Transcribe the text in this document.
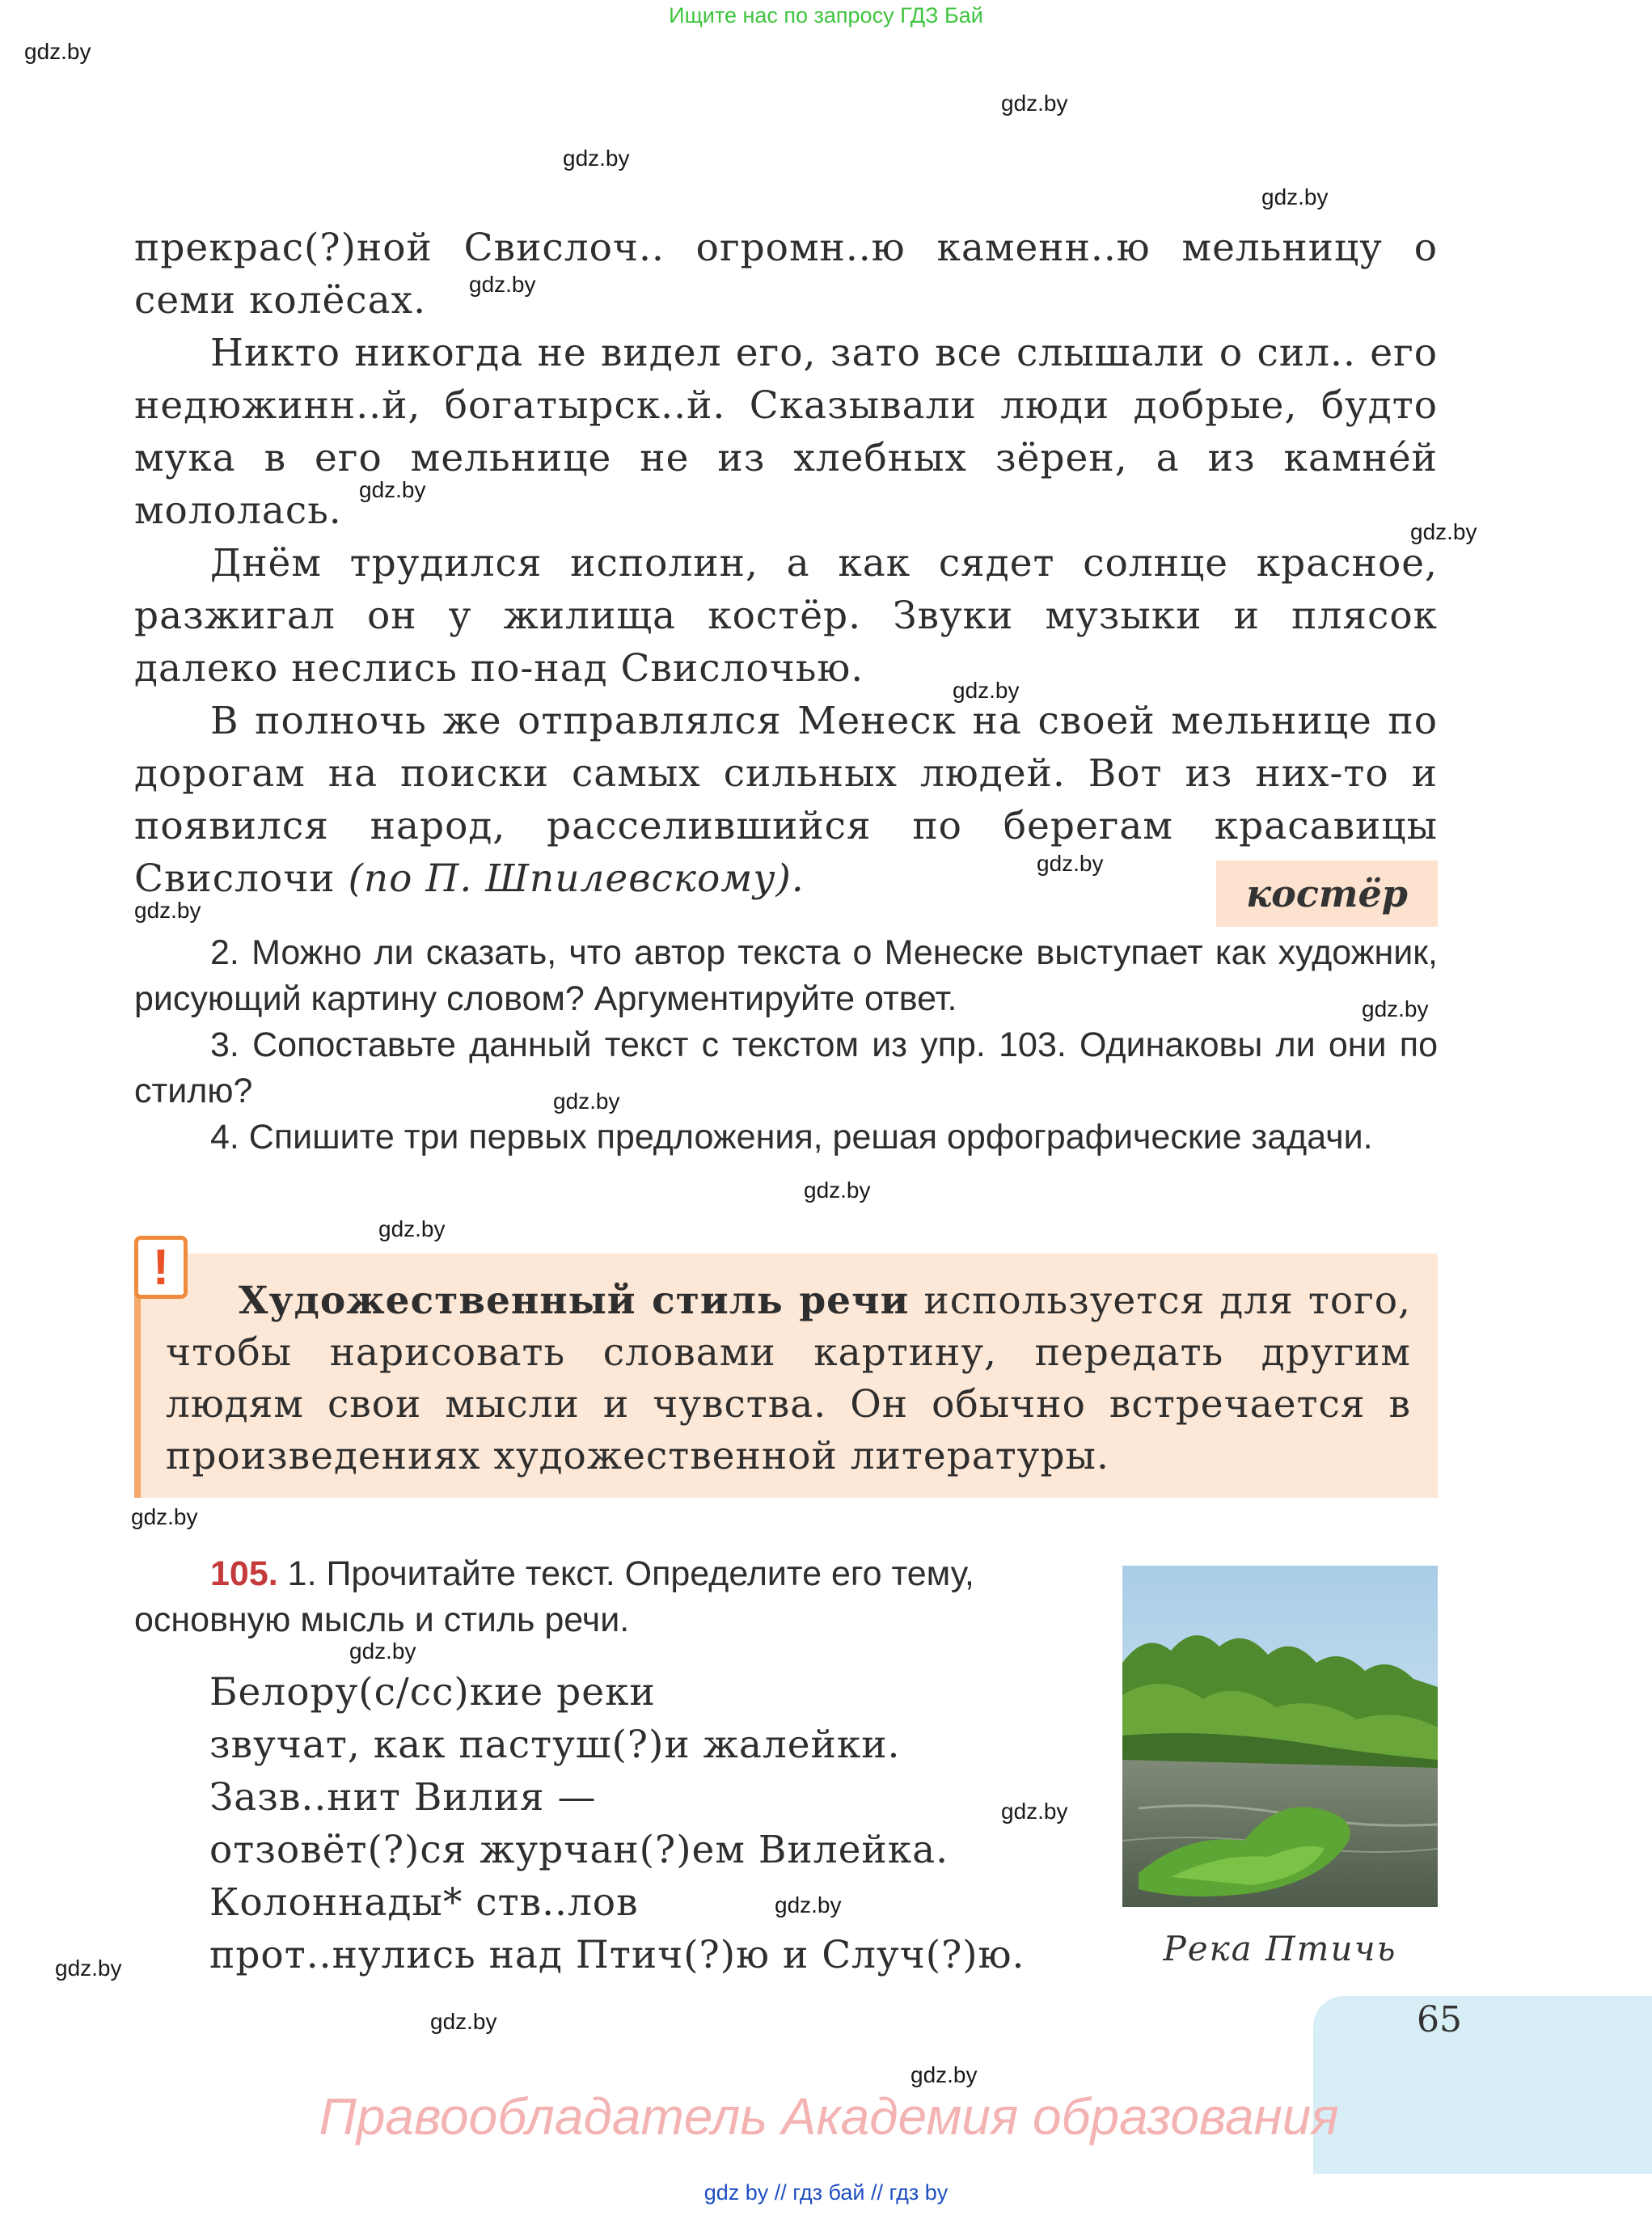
Ищите нас по запросу ГДЗ Бай
gdz.by
gdz.by
gdz.by
gdz.by
gdz.by
gdz.by
gdz.by
gdz.by
gdz.by
gdz.by
gdz.by
gdz.by
gdz.by
gdz.by
gdz.by
gdz.by
gdz.by
gdz.by
gdz.by
gdz.by
gdz.by

прекрас(?)ной Свислоч.. огромн..ю каменн..ю мельницу о семи колёсах.

Никто никогда не видел его, зато все слышали о сил.. его недюжинн..й, богатырск..й. Сказывали люди добрые, будто мука в его мельнице не из хлебных зёрен, а из камне́й мололась.

Днём трудился исполин, а как сядет солнце красное, разжигал он у жилища костёр. Звуки музыки и плясок далеко неслись по-над Свислочью.

В полночь же отправлялся Менеск на своей мельнице по дорогам на поиски самых сильных людей. Вот из них-то и появился народ, расселившийся по берегам красавицы Свислочи (по П. Шпилевскому).	костёр

2. Можно ли сказать, что автор текста о Менеске выступает как художник, рисующий картину словом? Аргументируйте ответ.

3. Сопоставьте данный текст с текстом из упр. 103. Одинаковы ли они по стилю?

4. Спишите три первых предложения, решая орфографические задачи.

!

Художественный стиль речи используется для того, чтобы нарисовать словами картину, передать другим людям свои мысли и чувства. Он обычно встречается в произведениях художественной литературы.

105. 1. Прочитайте текст. Определите его тему, основную мысль и стиль речи.
Белору(с/сс)кие реки
звучат, как пастуш(?)и жалейки.
Зазв..нит Вилия —
отзовёт(?)ся журчан(?)ем Вилейка.
Колоннады* ств..лов
прот..нулись над Птич(?)ю и Случ(?)ю.	Река Птичь
65
Правообладатель Академия образования
gdz by // гдз бай // гдз by
